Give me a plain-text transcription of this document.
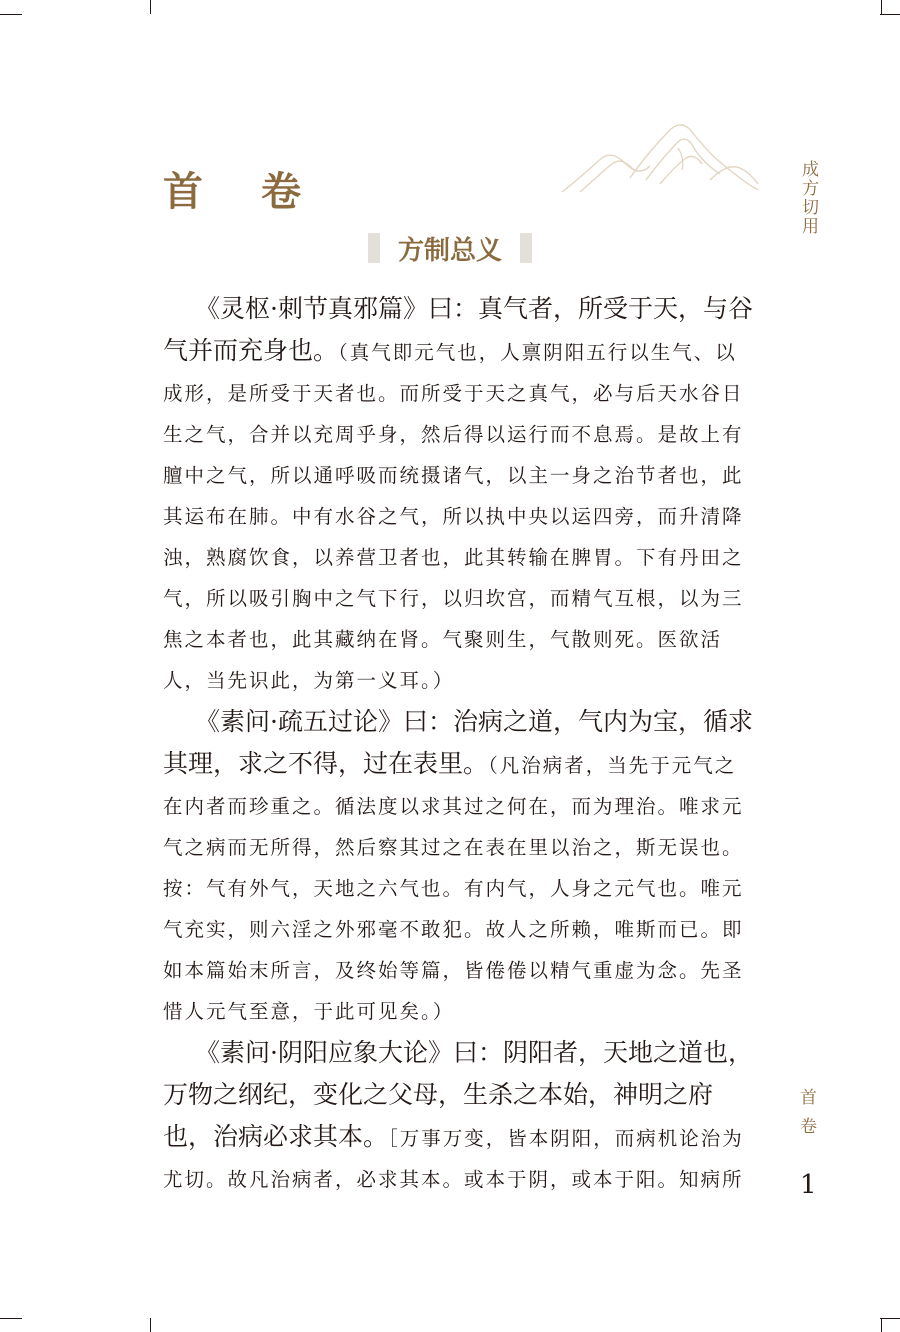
首卷
方制总义

《灵枢·刺节真邪篇》曰：真气者，所受于天，与谷气并而充身也。（真气即元气也，人禀阴阳五行以生气、以成形，是所受于天者也。而所受于天之真气，必与后天水谷日生之气，合并以充周乎身，然后得以运行而不息焉。是故上有膻中之气，所以通呼吸而统摄诸气，以主一身之治节者也，此其运布在肺。中有水谷之气，所以执中央以运四旁，而升清降浊，熟腐饮食，以养营卫者也，此其转输在脾胃。下有丹田之气，所以吸引胸中之气下行，以归坎宫，而精气互根，以为三焦之本者也，此其藏纳在肾。气聚则生，气散则死。医欲活人，当先识此，为第一义耳。）

《素问·疏五过论》曰：治病之道，气内为宝，循求其理，求之不得，过在表里。（凡治病者，当先于元气之在内者而珍重之。循法度以求其过之何在，而为理治。唯求元气之病而无所得，然后察其过之在表在里以治之，斯无误也。按：气有外气，天地之六气也。有内气，人身之元气也。唯元气充实，则六淫之外邪毫不敢犯。故人之所赖，唯斯而已。即如本篇始末所言，及终始等篇，皆倦倦以精气重虚为念。先圣惜人元气至意，于此可见矣。）

《素问·阴阳应象大论》曰：阴阳者，天地之道也，万物之纲纪，变化之父母，生杀之本始，神明之府也，治病必求其本。［万事万变，皆本阴阳，而病机论治为尤切。故凡治病者，必求其本。或本于阴，或本于阳。知病所

成方切用
首卷
1
